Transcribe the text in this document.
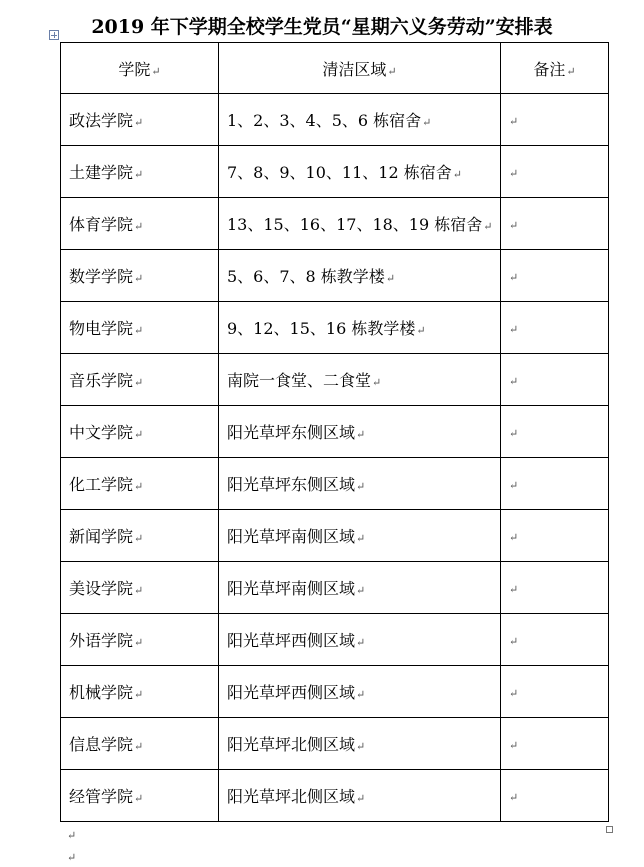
2019 年下学期全校学生党员“星期六义务劳动”安排表
学院↵	清洁区域↵	备注↵
政法学院↵	1、2、3、4、5、6 栋宿舍↵	↵
土建学院↵	7、8、9、10、11、12 栋宿舍↵	↵
体育学院↵	13、15、16、17、18、19 栋宿舍↵	↵
数学学院↵	5、6、7、8 栋教学楼↵	↵
物电学院↵	9、12、15、16 栋教学楼↵	↵
音乐学院↵	南院一食堂、二食堂↵	↵
中文学院↵	阳光草坪东侧区域↵	↵
化工学院↵	阳光草坪东侧区域↵	↵
新闻学院↵	阳光草坪南侧区域↵	↵
美设学院↵	阳光草坪南侧区域↵	↵
外语学院↵	阳光草坪西侧区域↵	↵
机械学院↵	阳光草坪西侧区域↵	↵
信息学院↵	阳光草坪北侧区域↵	↵
经管学院↵	阳光草坪北侧区域↵	↵
↵
↵
